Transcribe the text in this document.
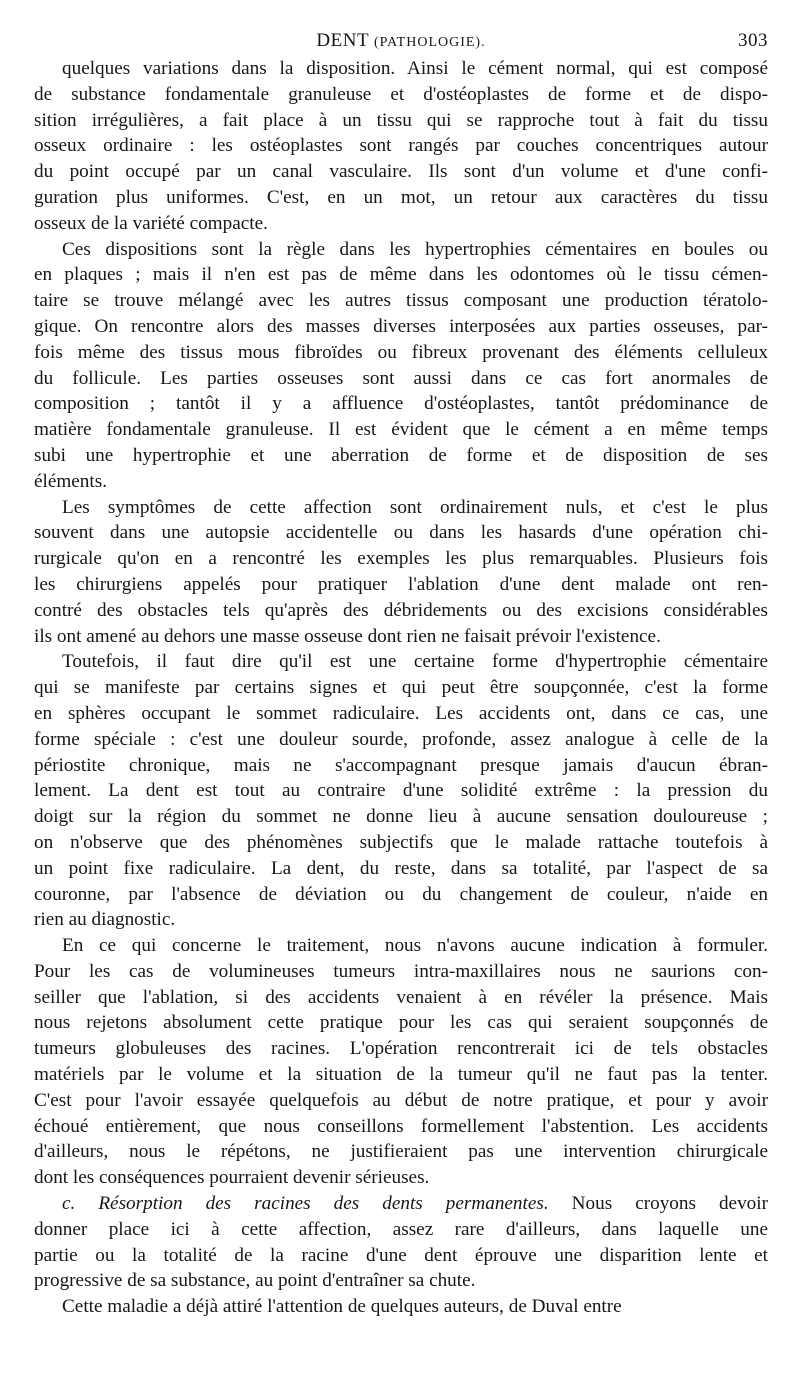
DENT (PATHOLOGIE).	303

quelques variations dans la disposition. Ainsi le cément normal, qui est composé
de substance fondamentale granuleuse et d'ostéoplastes de forme et de dispo-
sition irrégulières, a fait place à un tissu qui se rapproche tout à fait du tissu
osseux ordinaire : les ostéoplastes sont rangés par couches concentriques autour
du point occupé par un canal vasculaire. Ils sont d'un volume et d'une confi-
guration plus uniformes. C'est, en un mot, un retour aux caractères du tissu
osseux de la variété compacte.

Ces dispositions sont la règle dans les hypertrophies cémentaires en boules ou
en plaques ; mais il n'en est pas de même dans les odontomes où le tissu cémen-
taire se trouve mélangé avec les autres tissus composant une production tératolo-
gique. On rencontre alors des masses diverses interposées aux parties osseuses, par-
fois même des tissus mous fibroïdes ou fibreux provenant des éléments celluleux
du follicule. Les parties osseuses sont aussi dans ce cas fort anormales de
composition ; tantôt il y a affluence d'ostéoplastes, tantôt prédominance de
matière fondamentale granuleuse. Il est évident que le cément a en même temps
subi une hypertrophie et une aberration de forme et de disposition de ses
éléments.

Les symptômes de cette affection sont ordinairement nuls, et c'est le plus
souvent dans une autopsie accidentelle ou dans les hasards d'une opération chi-
rurgicale qu'on en a rencontré les exemples les plus remarquables. Plusieurs fois
les chirurgiens appelés pour pratiquer l'ablation d'une dent malade ont ren-
contré des obstacles tels qu'après des débridements ou des excisions considérables
ils ont amené au dehors une masse osseuse dont rien ne faisait prévoir l'existence.

Toutefois, il faut dire qu'il est une certaine forme d'hypertrophie cémentaire
qui se manifeste par certains signes et qui peut être soupçonnée, c'est la forme
en sphères occupant le sommet radiculaire. Les accidents ont, dans ce cas, une
forme spéciale : c'est une douleur sourde, profonde, assez analogue à celle de la
périostite chronique, mais ne s'accompagnant presque jamais d'aucun ébran-
lement. La dent est tout au contraire d'une solidité extrême : la pression du
doigt sur la région du sommet ne donne lieu à aucune sensation douloureuse ;
on n'observe que des phénomènes subjectifs que le malade rattache toutefois à
un point fixe radiculaire. La dent, du reste, dans sa totalité, par l'aspect de sa
couronne, par l'absence de déviation ou du changement de couleur, n'aide en
rien au diagnostic.

En ce qui concerne le traitement, nous n'avons aucune indication à formuler.
Pour les cas de volumineuses tumeurs intra-maxillaires nous ne saurions con-
seiller que l'ablation, si des accidents venaient à en révéler la présence. Mais
nous rejetons absolument cette pratique pour les cas qui seraient soupçonnés de
tumeurs globuleuses des racines. L'opération rencontrerait ici de tels obstacles
matériels par le volume et la situation de la tumeur qu'il ne faut pas la tenter.
C'est pour l'avoir essayée quelquefois au début de notre pratique, et pour y avoir
échoué entièrement, que nous conseillons formellement l'abstention. Les accidents
d'ailleurs, nous le répétons, ne justifieraient pas une intervention chirurgicale
dont les conséquences pourraient devenir sérieuses.

c. Résorption des racines des dents permanentes. Nous croyons devoir
donner place ici à cette affection, assez rare d'ailleurs, dans laquelle une
partie ou la totalité de la racine d'une dent éprouve une disparition lente et
progressive de sa substance, au point d'entraîner sa chute.

Cette maladie a déjà attiré l'attention de quelques auteurs, de Duval entre
